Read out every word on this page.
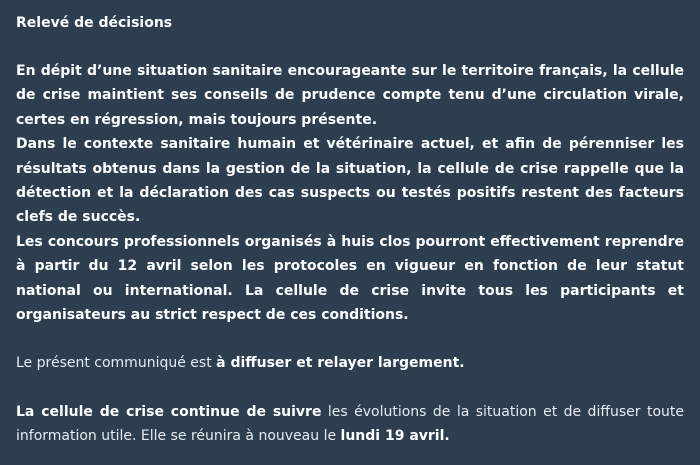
Relevé de décisions

En dépit d’une situation sanitaire encourageante sur le territoire français, la cellule de crise maintient ses conseils de prudence compte tenu d’une circulation virale, certes en régression, mais toujours présente.

Dans le contexte sanitaire humain et vétérinaire actuel, et afin de pérenniser les résultats obtenus dans la gestion de la situation, la cellule de crise rappelle que la détection et la déclaration des cas suspects ou testés positifs restent des facteurs clefs de succès.

Les concours professionnels organisés à huis clos pourront effectivement reprendre à partir du 12 avril selon les protocoles en vigueur en fonction de leur statut national ou international. La cellule de crise invite tous les participants et organisateurs au strict respect de ces conditions.

Le présent communiqué est à diffuser et relayer largement.

La cellule de crise continue de suivre les évolutions de la situation et de diffuser toute information utile. Elle se réunira à nouveau le lundi 19 avril.
